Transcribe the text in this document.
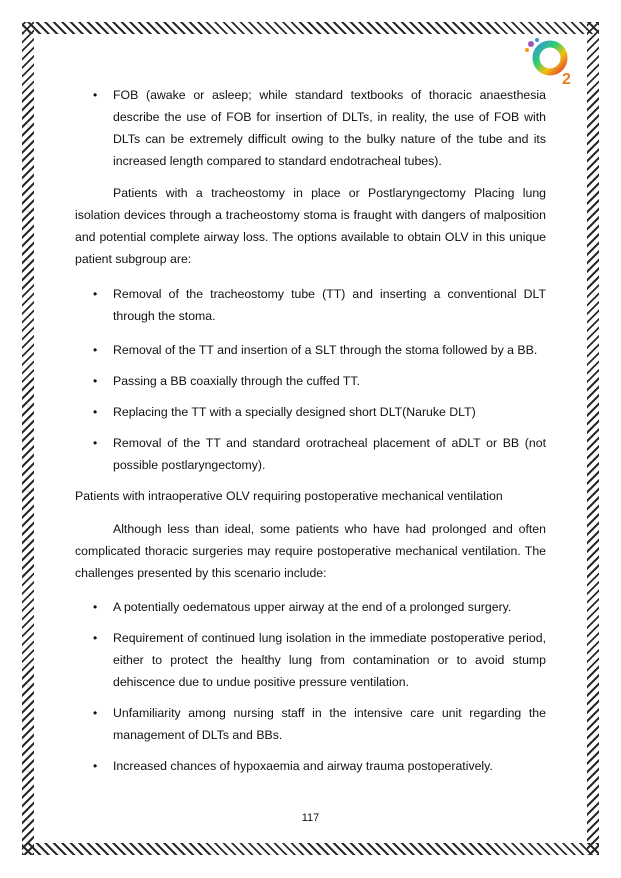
2
• FOB (awake or asleep; while standard textbooks of thoracic anaesthesia describe the use of FOB for insertion of DLTs, in reality, the use of FOB with DLTs can be extremely difficult owing to the bulky nature of the tube and its increased length compared to standard endotracheal tubes).

Patients with a tracheostomy in place or Postlaryngectomy Placing lung isolation devices through a tracheostomy stoma is fraught with dangers of malposition and potential complete airway loss. The options available to obtain OLV in this unique patient subgroup are:

• Removal of the tracheostomy tube (TT) and inserting a conventional DLT through the stoma.
• Removal of the TT and insertion of a SLT through the stoma followed by a BB.
• Passing a BB coaxially through the cuffed TT.
• Replacing the TT with a specially designed short DLT(Naruke DLT)
• Removal of the TT and standard orotracheal placement of aDLT or BB (not possible postlaryngectomy).

Patients with intraoperative OLV requiring postoperative mechanical ventilation

Although less than ideal, some patients who have had prolonged and often complicated thoracic surgeries may require postoperative mechanical ventilation. The challenges presented by this scenario include:

• A potentially oedematous upper airway at the end of a prolonged surgery.
• Requirement of continued lung isolation in the immediate postoperative period, either to protect the healthy lung from contamination or to avoid stump dehiscence due to undue positive pressure ventilation.
• Unfamiliarity among nursing staff in the intensive care unit regarding the management of DLTs and BBs.
• Increased chances of hypoxaemia and airway trauma postoperatively.
117
